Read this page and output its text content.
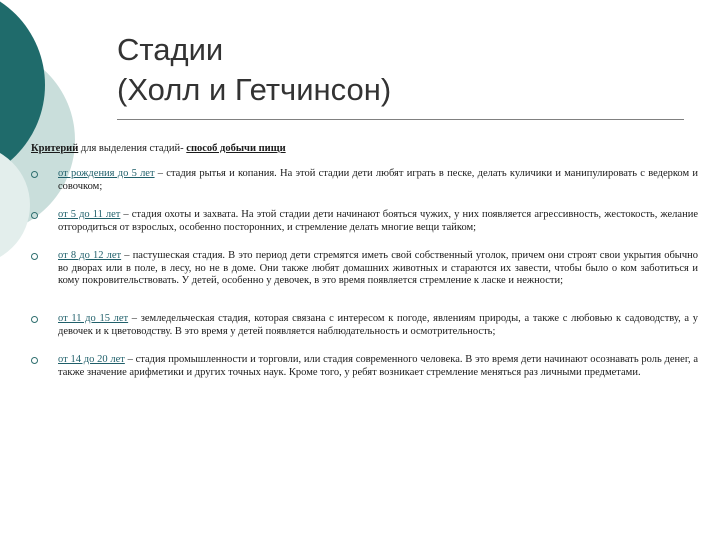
Стадии
(Холл и Гетчинсон)
Критерий для выделения стадий- способ добычи пищи
от рождения до 5 лет – стадия рытья и копания. На этой стадии дети любят играть в песке, делать куличики и манипулировать с ведерком и совочком;
от 5 до 11 лет – стадия охоты и захвата. На этой стадии дети начинают бояться чужих, у них появляется агрессивность, жестокость, желание отгородиться от взрослых, особенно посторонних, и стремление делать многие вещи тайком;
от 8 до 12 лет – пастушеская стадия. В это период дети стремятся иметь свой собственный уголок, причем они строят свои укрытия обычно во дворах или в поле, в лесу, но не в доме. Они также любят домашних животных и стараются их завести, чтобы было о ком заботиться и кому покровительствовать. У детей, особенно у девочек, в это время появляется стремление к ласке и нежности;
от 11 до 15 лет – земледельческая стадия, которая связана с интересом к погоде, явлениям природы, а также с любовью к садоводству, а у девочек и к цветоводству. В это время у детей появляется наблюдательность и осмотрительность;
от 14 до 20 лет – стадия промышленности и торговли, или стадия современного человека. В это время дети начинают осознавать роль денег, а также значение арифметики и других точных наук. Кроме того, у ребят возникает стремление меняться раз личными предметами.
